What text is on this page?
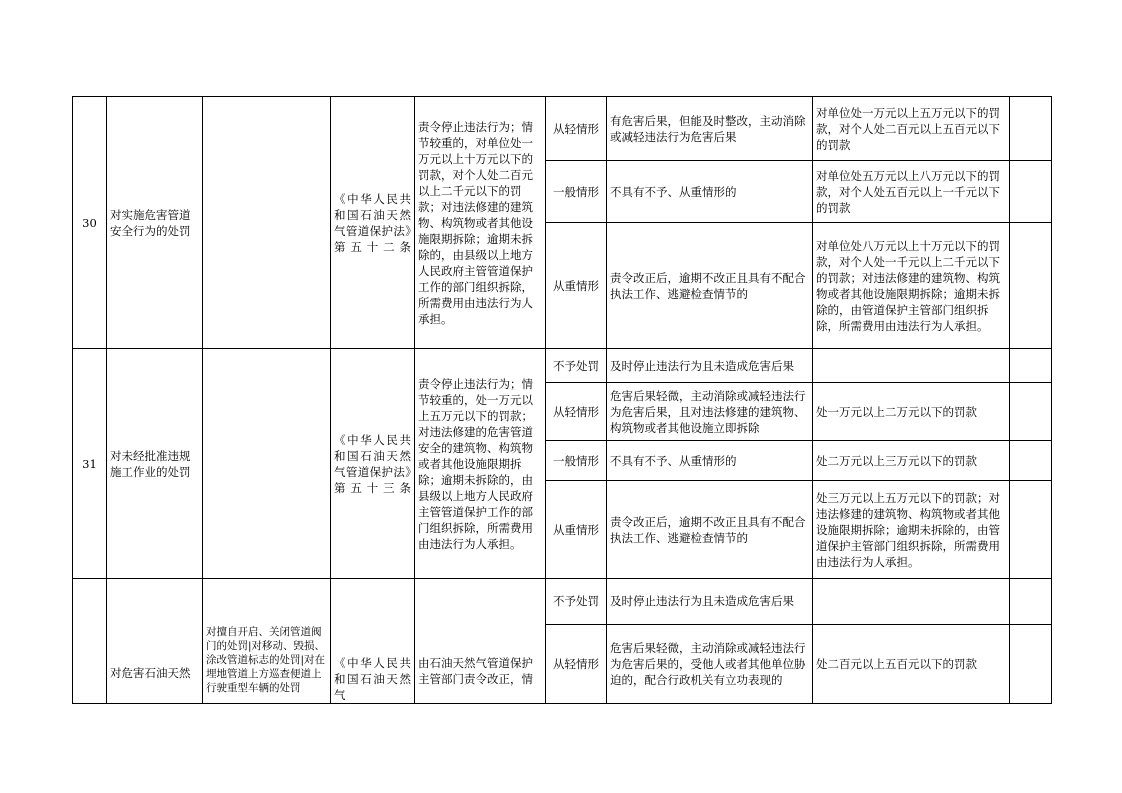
30	对实施危害管道安全行为的处罚		《中华人民共和国石油天然气管道保护法》第五十二条	责令停止违法行为；情节较重的，对单位处一万元以上十万元以下的罚款，对个人处二百元以上二千元以下的罚款；对违法修建的建筑物、构筑物或者其他设施限期拆除；逾期未拆除的，由县级以上地方人民政府主管管道保护工作的部门组织拆除，所需费用由违法行为人承担。	从轻情形	有危害后果，但能及时整改，主动消除或减轻违法行为危害后果	对单位处一万元以上五万元以下的罚款，对个人处二百元以上五百元以下的罚款	
					一般情形	不具有不予、从重情形的	对单位处五万元以上八万元以下的罚款，对个人处五百元以上一千元以下的罚款	
					从重情形	责令改正后，逾期不改正且具有不配合执法工作、逃避检查情节的	对单位处八万元以上十万元以下的罚款，对个人处一千元以上二千元以下的罚款；对违法修建的建筑物、构筑物或者其他设施限期拆除；逾期未拆除的，由管道保护主管部门组织拆除，所需费用由违法行为人承担。	
31	对未经批准违规施工作业的处罚		《中华人民共和国石油天然气管道保护法》第五十三条	责令停止违法行为；情节较重的，处一万元以上五万元以下的罚款；对违法修建的危害管道安全的建筑物、构筑物或者其他设施限期拆除；逾期未拆除的，由县级以上地方人民政府主管管道保护工作的部门组织拆除，所需费用由违法行为人承担。	不予处罚	及时停止违法行为且未造成危害后果		
					从轻情形	危害后果轻微，主动消除或减轻违法行为危害后果，且对违法修建的建筑物、构筑物或者其他设施立即拆除	处一万元以上二万元以下的罚款	
					一般情形	不具有不予、从重情形的	处二万元以上三万元以下的罚款	
					从重情形	责令改正后，逾期不改正且具有不配合执法工作、逃避检查情节的	处三万元以上五万元以下的罚款；对违法修建的建筑物、构筑物或者其他设施限期拆除；逾期未拆除的，由管道保护主管部门组织拆除，所需费用由违法行为人承担。	
	对危害石油天然	对擅自开启、关闭管道阀门的处罚|对移动、毁损、涂改管道标志的处罚|对在埋地管道上方巡查便道上行驶重型车辆的处罚	《中华人民共和国石油天然气	由石油天然气管道保护主管部门责令改正，情	不予处罚	及时停止违法行为且未造成危害后果		
					从轻情形	危害后果轻微，主动消除或减轻违法行为危害后果的，受他人或者其他单位胁迫的，配合行政机关有立功表现的	处二百元以上五百元以下的罚款	
